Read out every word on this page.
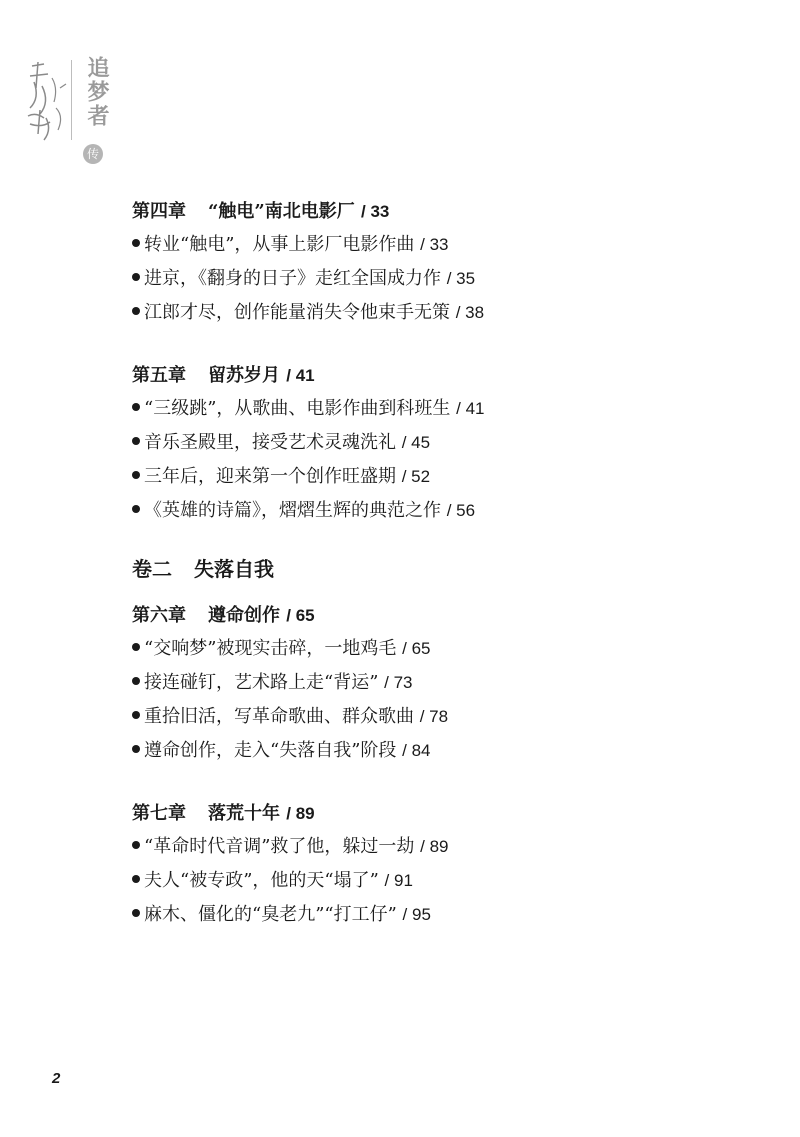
追梦者
传
第四章 “触电”南北电影厂 / 33
转业“触电”，从事上影厂电影作曲 / 33
进京，《翻身的日子》走红全国成力作 / 35
江郎才尽，创作能量消失令他束手无策 / 38
第五章 留苏岁月 / 41
“三级跳”，从歌曲、电影作曲到科班生 / 41
音乐圣殿里，接受艺术灵魂洗礼 / 45
三年后，迎来第一个创作旺盛期 / 52
《英雄的诗篇》，熠熠生辉的典范之作 / 56
卷二 失落自我
第六章 遵命创作 / 65
“交响梦”被现实击碎，一地鸡毛 / 65
接连碰钉，艺术路上走“背运” / 73
重拾旧活，写革命歌曲、群众歌曲 / 78
遵命创作，走入“失落自我”阶段 / 84
第七章 落荒十年 / 89
“革命时代音调”救了他，躲过一劫 / 89
夫人“被专政”，他的天“塌了” / 91
麻木、僵化的“臭老九”“打工仔” / 95
2
